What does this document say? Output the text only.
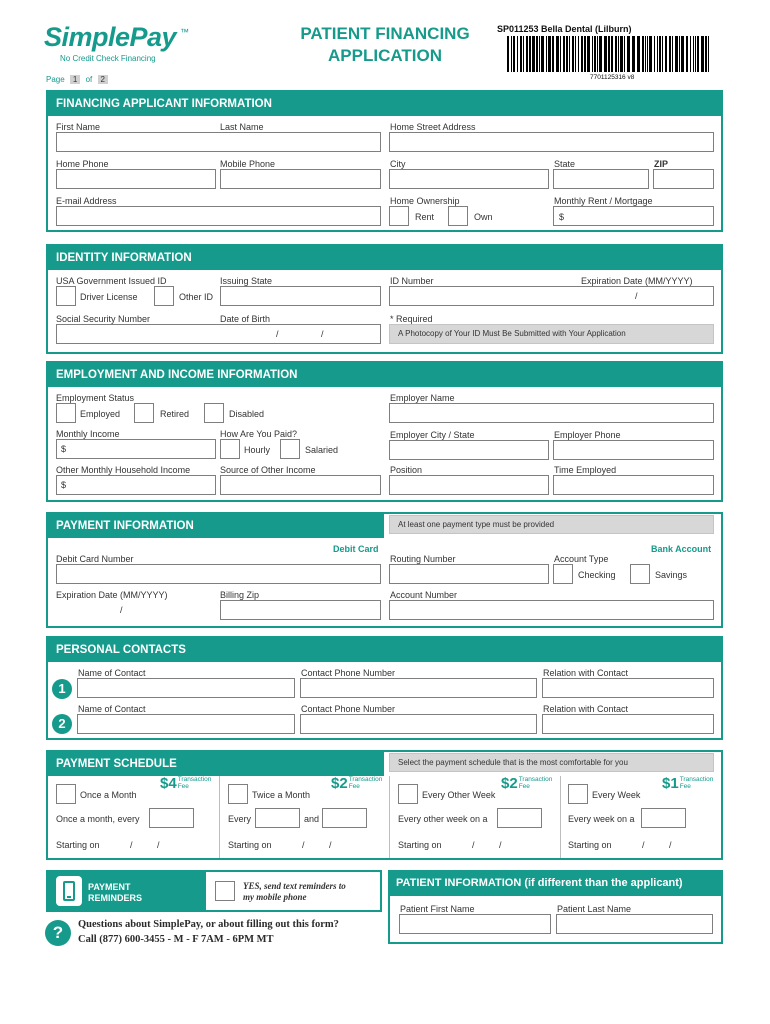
SimplePay ™
No Credit Check Financing
PATIENT FINANCING
APPLICATION
SP011253 Bella Dental (Lilburn)
7701125316 v8
Page 1 of 2
FINANCING APPLICANT INFORMATION
First Name	Last Name	Home Street Address
Home Phone	Mobile Phone	City	State	ZIP
E-mail Address	Home Ownership
Rent	Own
Monthly Rent / Mortgage
$
IDENTITY INFORMATION
USA Government Issued ID	Issuing State	ID Number	Expiration Date (MM/YYYY)
Driver License	Other ID	/
Social Security Number	Date of Birth	* Required
/	/	A Photocopy of Your ID Must Be Submitted with Your Application
EMPLOYMENT AND INCOME INFORMATION
Employment Status	Employer Name
Employed	Retired	Disabled
Monthly Income	How Are You Paid?	Employer City / State	Employer Phone
$	Hourly	Salaried
Other Monthly Household Income	Source of Other Income	Position	Time Employed
$
PAYMENT INFORMATION	At least one payment type must be provided
Debit Card	Bank Account
Debit Card Number	Routing Number	Account Type
Checking	Savings
Expiration Date (MM/YYYY)	Billing Zip	Account Number
/
PERSONAL CONTACTS
1
Name of Contact	Contact Phone Number	Relation with Contact
2
Name of Contact	Contact Phone Number	Relation with Contact
PAYMENT SCHEDULE	Select the payment schedule that is the most comfortable for you
$4 Transaction
Fee
Once a Month
Once a month, every
Starting on	/	/
$2 Transaction
Fee
Twice a Month
Every	and
Starting on	/	/
$2 Transaction
Fee
Every Other Week
Every other week on a
Starting on	/	/
$1 Transaction
Fee
Every Week
Every week on a
Starting on	/	/
PAYMENT
REMINDERS
YES, send text reminders to
my mobile phone
PATIENT INFORMATION (if different than the applicant)
Patient First Name	Patient Last Name
?	Questions about SimplePay, or about filling out this form?
Call (877) 600-3455 - M - F 7AM - 6PM MT
